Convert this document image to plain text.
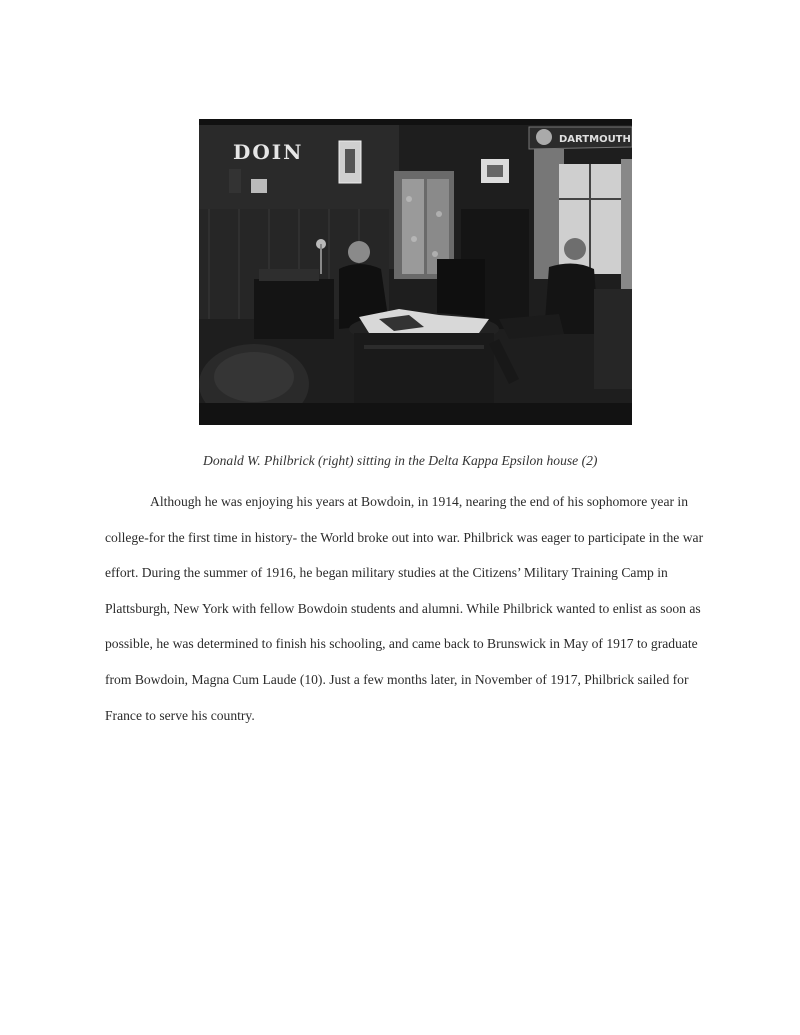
DOIN
DARTMOUTH
Donald W. Philbrick (right) sitting in the Delta Kappa Epsilon house (2)

Although he was enjoying his years at Bowdoin, in 1914, nearing the end of his sophomore year in college-for the first time in history- the World broke out into war. Philbrick was eager to participate in the war effort. During the summer of 1916, he began military studies at the Citizens’ Military Training Camp in Plattsburgh, New York with fellow Bowdoin students and alumni. While Philbrick wanted to enlist as soon as possible, he was determined to finish his schooling, and came back to Brunswick in May of 1917 to graduate from Bowdoin, Magna Cum Laude (10). Just a few months later, in November of 1917, Philbrick sailed for France to serve his country.
